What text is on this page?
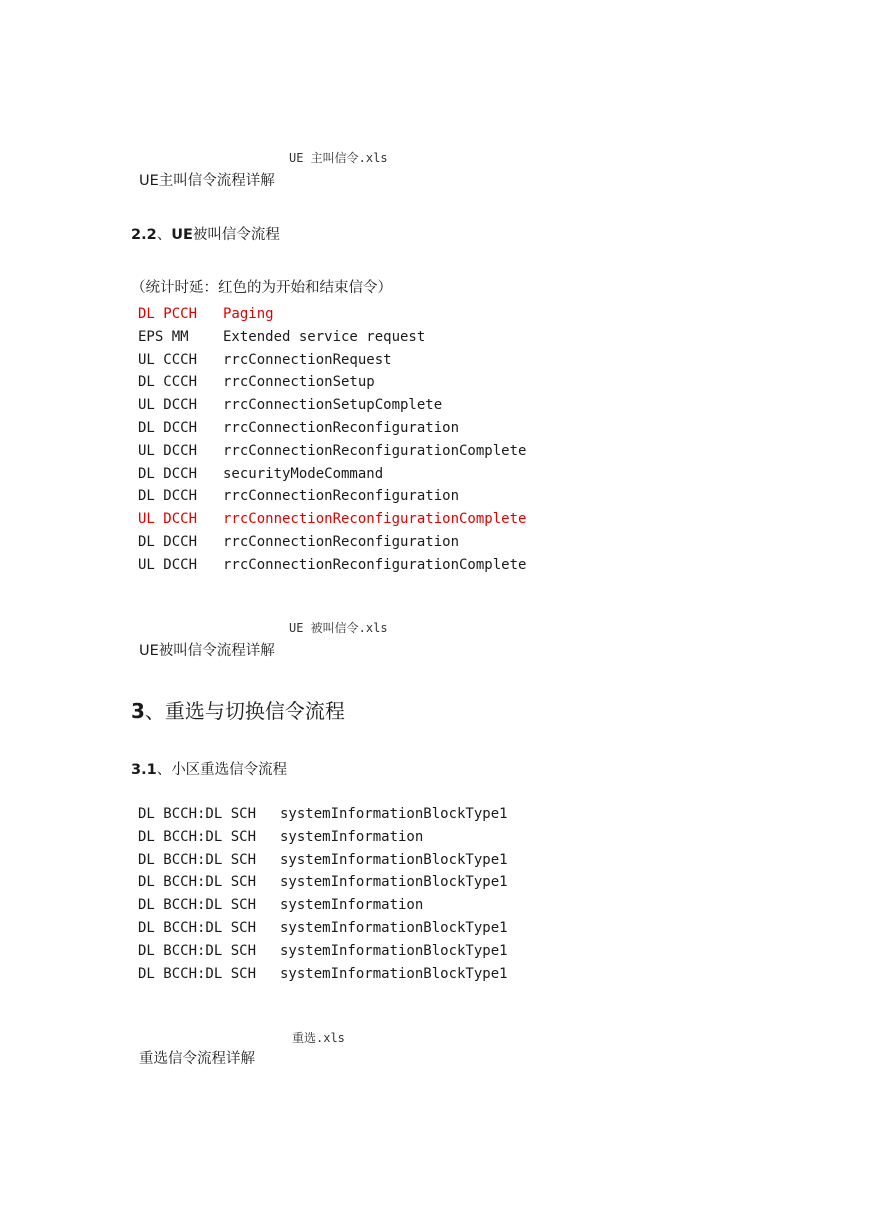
UE 主叫信令.xls
UE主叫信令流程详解
2.2、UE被叫信令流程
（统计时延：红色的为开始和结束信令）
DL PCCH Paging
EPS MM Extended service request
UL CCCH rrcConnectionRequest
DL CCCH rrcConnectionSetup
UL DCCH rrcConnectionSetupComplete
DL DCCH rrcConnectionReconfiguration
UL DCCH rrcConnectionReconfigurationComplete
DL DCCH securityModeCommand
DL DCCH rrcConnectionReconfiguration
UL DCCH rrcConnectionReconfigurationComplete
DL DCCH rrcConnectionReconfiguration
UL DCCH rrcConnectionReconfigurationComplete
UE 被叫信令.xls
UE被叫信令流程详解
3、重选与切换信令流程
3.1、小区重选信令流程
DL BCCH:DL SCH systemInformationBlockType1
DL BCCH:DL SCH systemInformation
DL BCCH:DL SCH systemInformationBlockType1
DL BCCH:DL SCH systemInformationBlockType1
DL BCCH:DL SCH systemInformation
DL BCCH:DL SCH systemInformationBlockType1
DL BCCH:DL SCH systemInformationBlockType1
DL BCCH:DL SCH systemInformationBlockType1
重选.xls
重选信令流程详解
